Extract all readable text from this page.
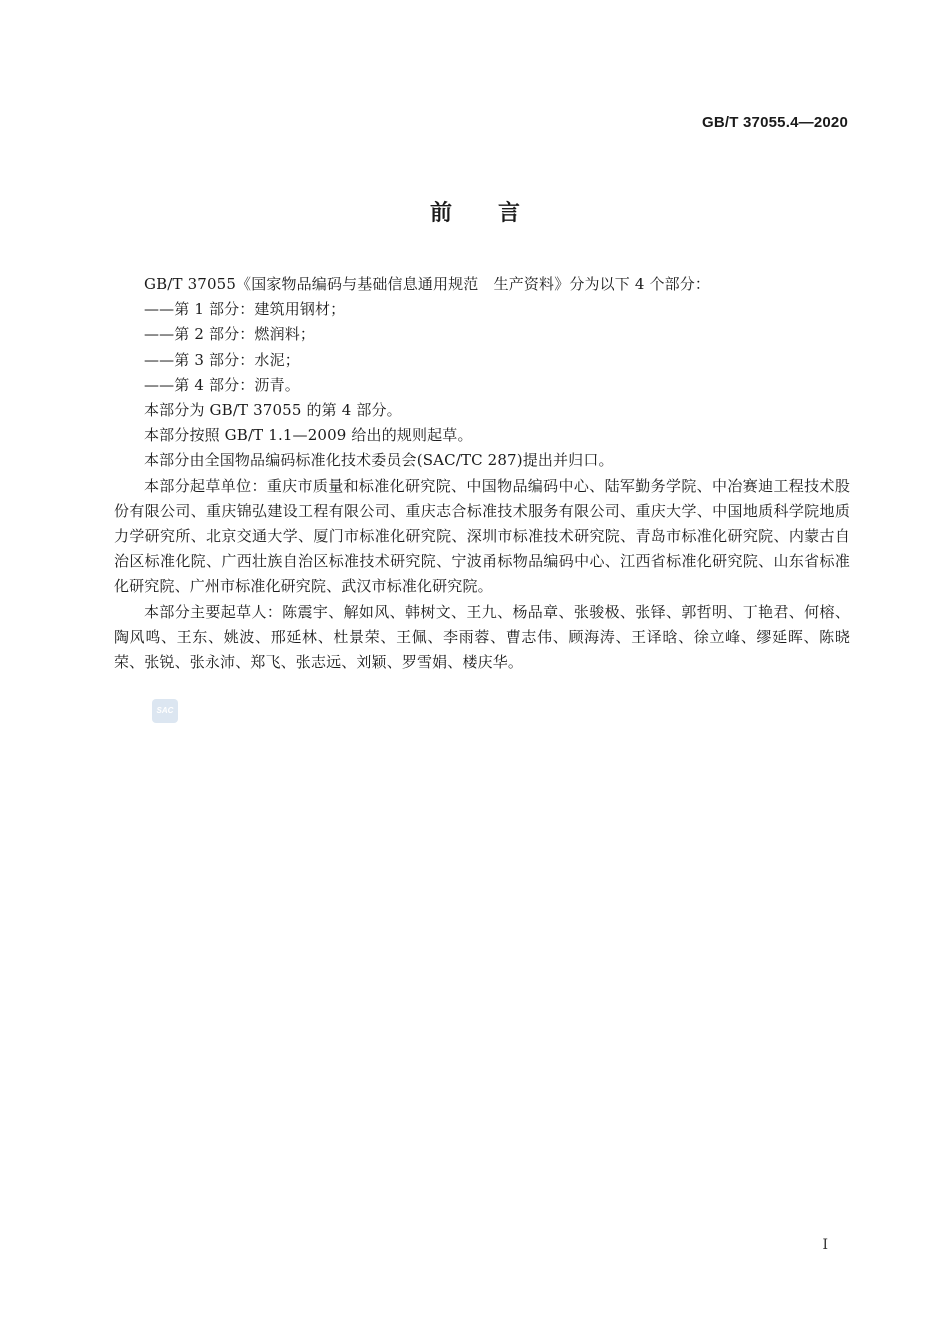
GB/T 37055.4—2020
前言

GB/T 37055《国家物品编码与基础信息通用规范　生产资料》分为以下 4 个部分：

——第 1 部分：建筑用钢材；

——第 2 部分：燃润料；

——第 3 部分：水泥；

——第 4 部分：沥青。

本部分为 GB/T 37055 的第 4 部分。

本部分按照 GB/T 1.1—2009 给出的规则起草。

本部分由全国物品编码标准化技术委员会(SAC/TC 287)提出并归口。

本部分起草单位：重庆市质量和标准化研究院、中国物品编码中心、陆军勤务学院、中冶赛迪工程技术股份有限公司、重庆锦弘建设工程有限公司、重庆志合标准技术服务有限公司、重庆大学、中国地质科学院地质力学研究所、北京交通大学、厦门市标准化研究院、深圳市标准技术研究院、青岛市标准化研究院、内蒙古自治区标准化院、广西壮族自治区标准技术研究院、宁波甬标物品编码中心、江西省标准化研究院、山东省标准化研究院、广州市标准化研究院、武汉市标准化研究院。

本部分主要起草人：陈震宇、解如风、韩树文、王九、杨品章、张骏极、张铎、郭哲明、丁艳君、何榕、陶风鸣、王东、姚波、邢延林、杜景荣、王佩、李雨蓉、曹志伟、顾海涛、王译晗、徐立峰、缪延晖、陈晓荣、张锐、张永沛、郑飞、张志远、刘颖、罗雪娟、楼庆华。

SAC
I
